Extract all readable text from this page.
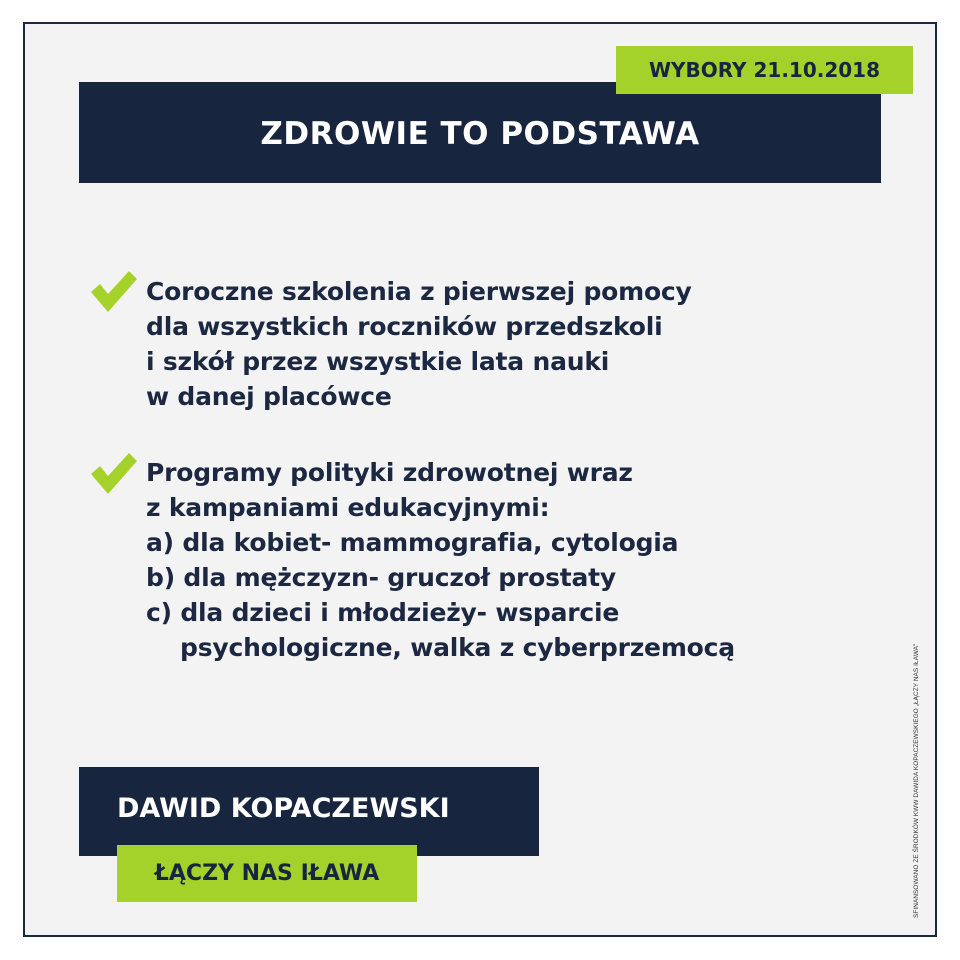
ZDROWIE TO PODSTAWA
WYBORY 21.10.2018
Coroczne szkolenia z pierwszej pomocy
dla wszystkich roczników przedszkoli
i szkół przez wszystkie lata nauki
w danej placówce
Programy polityki zdrowotnej wraz
z kampaniami edukacyjnymi:
a) dla kobiet- mammografia, cytologia
b) dla mężczyzn- gruczoł prostaty
c) dla dzieci i młodzieży- wsparcie
psychologiczne, walka z cyberprzemocą
DAWID KOPACZEWSKI
ŁĄCZY NAS IŁAWA	SFINANSOWANO ZE ŚRODKÓW KWW DAWIDA KOPACZEWSKIEGO „ŁĄCZY NAS IŁAWA”
